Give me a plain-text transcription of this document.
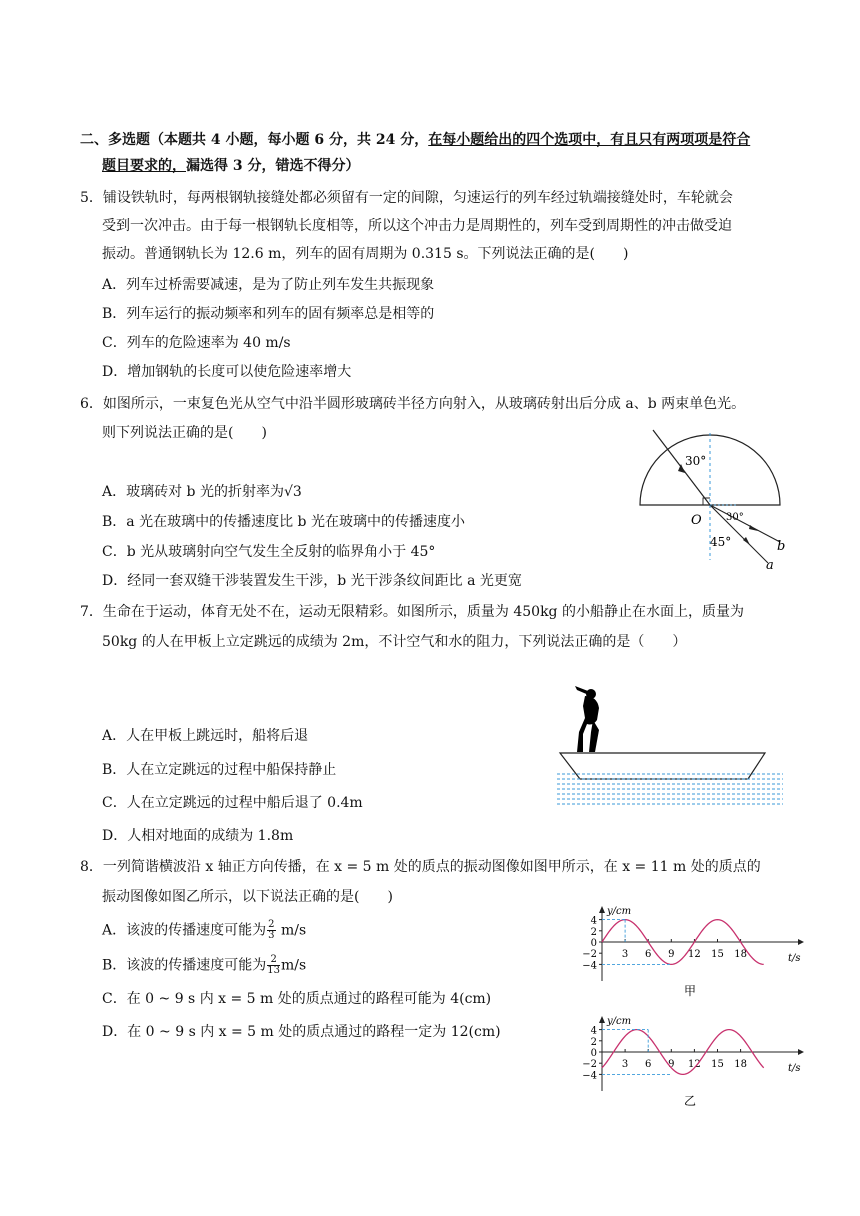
二、多选题（本题共 4 小题，每小题 6 分，共 24 分，在每小题给出的四个选项中，有且只有两项项是符合
题目要求的，漏选得 3 分，错选不得分）
5．铺设铁轨时，每两根钢轨接缝处都必须留有一定的间隙，匀速运行的列车经过轨端接缝处时，车轮就会
受到一次冲击。由于每一根钢轨长度相等，所以这个冲击力是周期性的，列车受到周期性的冲击做受迫
振动。普通钢轨长为 12.6 m，列车的固有周期为 0.315 s。下列说法正确的是(　　)
A．列车过桥需要减速，是为了防止列车发生共振现象
B．列车运行的振动频率和列车的固有频率总是相等的
C．列车的危险速率为 40 m/s
D．增加钢轨的长度可以使危险速率增大
6．如图所示，一束复色光从空气中沿半圆形玻璃砖半径方向射入，从玻璃砖射出后分成 a、b 两束单色光。
则下列说法正确的是(　　)
A．玻璃砖对 b 光的折射率为√3
B．a 光在玻璃中的传播速度比 b 光在玻璃中的传播速度小
C．b 光从玻璃射向空气发生全反射的临界角小于 45°
D．经同一套双缝干涉装置发生干涉，b 光干涉条纹间距比 a 光更宽
30°
30°
45°
O
b
a
7．生命在于运动，体育无处不在，运动无限精彩。如图所示，质量为 450kg 的小船静止在水面上，质量为
50kg 的人在甲板上立定跳远的成绩为 2m，不计空气和水的阻力，下列说法正确的是（　　）
A．人在甲板上跳远时，船将后退
B．人在立定跳远的过程中船保持静止
C．人在立定跳远的过程中船后退了 0.4m
D．人相对地面的成绩为 1.8m
8．一列简谐横波沿 x 轴正方向传播，在 x = 5 m 处的质点的振动图像如图甲所示，在 x = 11 m 处的质点的
振动图像如图乙所示，以下说法正确的是(　　)
A．该波的传播速度可能为 $\frac{2}{3} m/s$
B．该波的传播速度可能为 $\frac{2}{13} m/s$
C．在 0 ~ 9 s 内 x = 5 m 处的质点通过的路程可能为 4(cm)
D．在 0 ~ 9 s 内 x = 5 m 处的质点通过的路程一定为 12(cm)
y/cm
t/s
4
2
0
−2
−4
3 6 9 12 15 18
甲
y/cm
t/s
4
2
0
−2
−4
3 6 9 12 15 18
乙
